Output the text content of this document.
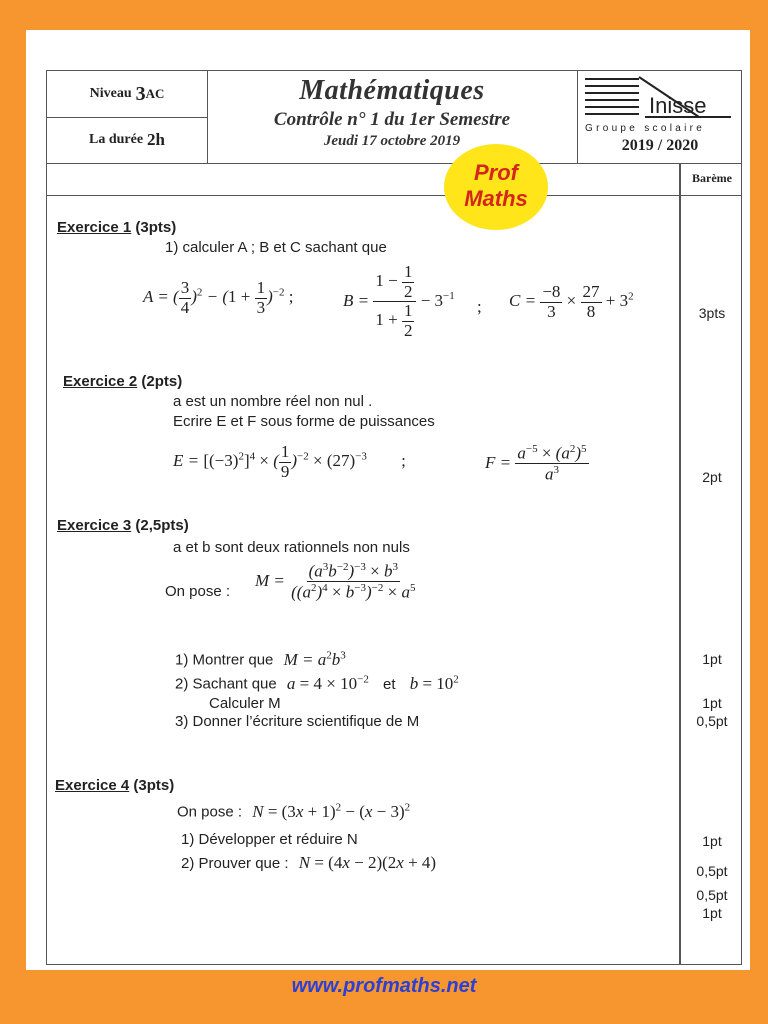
Niveau 3 AC
La durée 2h
Mathématiques
Contrôle n° 1 du 1er Semestre
Jeudi 17 octobre 2019
Inisse
Groupe scolaire
2019 / 2020
Barème
Exercice 1 (3pts)
1) calculer A ; B et C sachant que
A = ( $\frac{3}{4} )^2 - (1 + \frac{1}{3} )^{-2}$ ;	$B = \frac{1 - \frac{1}{2}}{1 + \frac{1}{2}} - 3^{-1}$
; $C = \frac{-8}{3} \times \frac{27}{8} + 3^2$
3pts
Exercice 2 (2pts)
a est un nombre réel non nul .
Ecrire E et F sous forme de puissances
$E = [(-3)^2]^4$ × ( $\frac{1}{9} )^{-2} \times (27)^{-3}$ ;	$F = \frac{a^{-5} \times (a^2)^5}{a^3}$	2pt
Exercice 3 (2,5pts)
a et b sont deux rationnels non nuls
On pose :
$M = \frac{(a^3b^{-2})^{-3} \times b^3}{((a^2)^4 \times b^{-3})^{-2} \times a^5}$
1) Montrer que $M = a^2b^3$
2) Sachant que $a = 4 \times 10^{-2}$ et $b = 10^2$
Calculer M
3) Donner l’écriture scientifique de M
1pt
1pt
0,5pt
Exercice 4 (3pts)
On pose : $N = (3x + 1)^2 - (x - 3)^2$
1) Développer et réduire N
2) Prouver que : N = (4x − 2)(2x + 4)
1pt
0,5pt
0,5pt
1pt
Prof
Maths
www.profmaths.net
